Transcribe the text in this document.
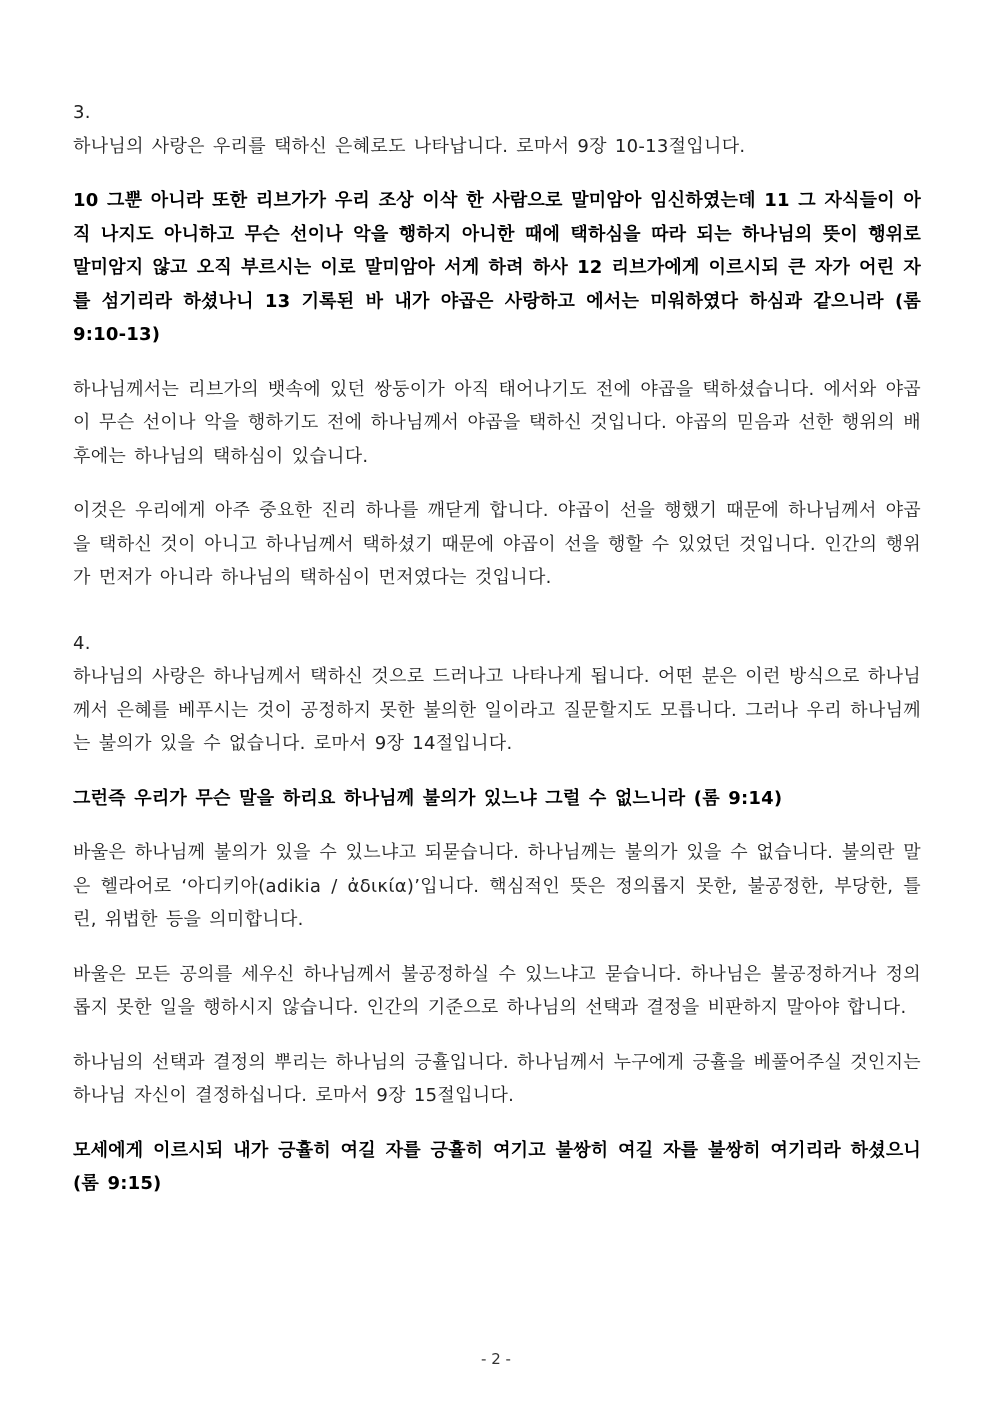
3.

하나님의 사랑은 우리를 택하신 은혜로도 나타납니다. 로마서 9장 10-13절입니다.

10 그뿐 아니라 또한 리브가가 우리 조상 이삭 한 사람으로 말미암아 임신하였는데 11 그 자식들이 아직 나지도 아니하고 무슨 선이나 악을 행하지 아니한 때에 택하심을 따라 되는 하나님의 뜻이 행위로 말미암지 않고 오직 부르시는 이로 말미암아 서게 하려 하사 12 리브가에게 이르시되 큰 자가 어린 자를 섬기리라 하셨나니 13 기록된 바 내가 야곱은 사랑하고 에서는 미워하였다 하심과 같으니라 (롬 9:10-13)

하나님께서는 리브가의 뱃속에 있던 쌍둥이가 아직 태어나기도 전에 야곱을 택하셨습니다. 에서와 야곱이 무슨 선이나 악을 행하기도 전에 하나님께서 야곱을 택하신 것입니다. 야곱의 믿음과 선한 행위의 배후에는 하나님의 택하심이 있습니다.

이것은 우리에게 아주 중요한 진리 하나를 깨닫게 합니다. 야곱이 선을 행했기 때문에 하나님께서 야곱을 택하신 것이 아니고 하나님께서 택하셨기 때문에 야곱이 선을 행할 수 있었던 것입니다. 인간의 행위가 먼저가 아니라 하나님의 택하심이 먼저였다는 것입니다.

4.

하나님의 사랑은 하나님께서 택하신 것으로 드러나고 나타나게 됩니다. 어떤 분은 이런 방식으로 하나님께서 은혜를 베푸시는 것이 공정하지 못한 불의한 일이라고 질문할지도 모릅니다. 그러나 우리 하나님께는 불의가 있을 수 없습니다. 로마서 9장 14절입니다.

그런즉 우리가 무슨 말을 하리요 하나님께 불의가 있느냐 그럴 수 없느니라 (롬 9:14)

바울은 하나님께 불의가 있을 수 있느냐고 되묻습니다. 하나님께는 불의가 있을 수 없습니다. 불의란 말은 헬라어로 ‘아디키아(adikia / ἀδικία)’입니다. 핵심적인 뜻은 정의롭지 못한, 불공정한, 부당한, 틀린, 위법한 등을 의미합니다.

바울은 모든 공의를 세우신 하나님께서 불공정하실 수 있느냐고 묻습니다. 하나님은 불공정하거나 정의롭지 못한 일을 행하시지 않습니다. 인간의 기준으로 하나님의 선택과 결정을 비판하지 말아야 합니다.

하나님의 선택과 결정의 뿌리는 하나님의 긍휼입니다. 하나님께서 누구에게 긍휼을 베풀어주실 것인지는 하나님 자신이 결정하십니다. 로마서 9장 15절입니다.

모세에게 이르시되 내가 긍휼히 여길 자를 긍휼히 여기고 불쌍히 여길 자를 불쌍히 여기리라 하셨으니 (롬 9:15)

- 2 -
